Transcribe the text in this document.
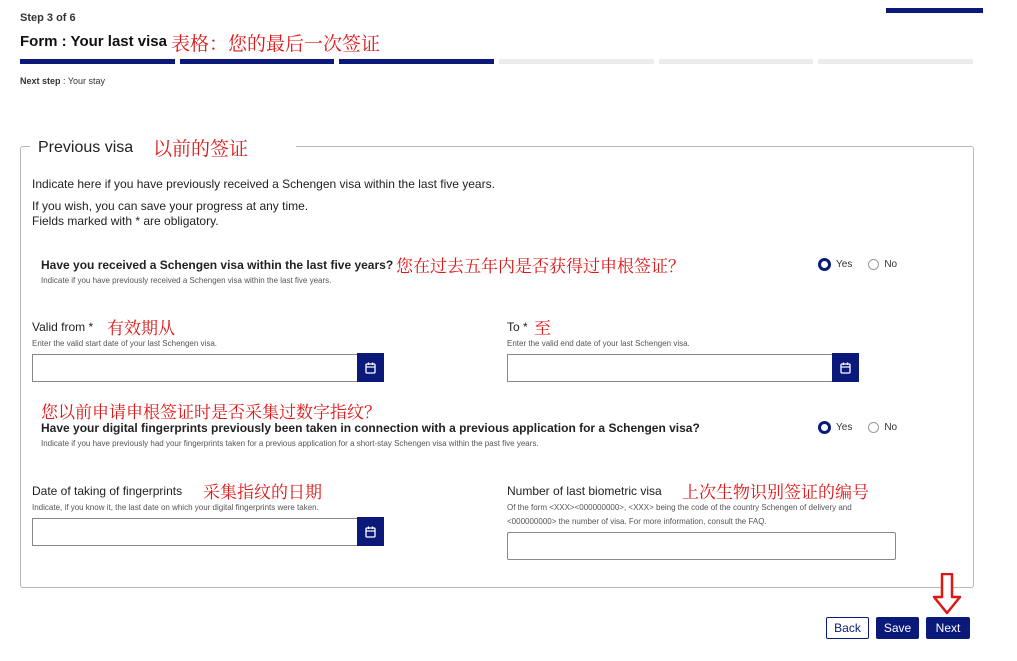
Step 3 of 6
Form : Your last visa 表格：您的最后一次签证
Next step : Your stay
Previous visa 以前的签证
Indicate here if you have previously received a Schengen visa within the last five years.
If you wish, you can save your progress at any time.
Fields marked with * are obligatory.
Have you received a Schengen visa within the last five years? 您在过去五年内是否获得过申根签证？
Indicate if you have previously received a Schengen visa within the last five years.
Yes	No
Valid from * 有效期从
Enter the valid start date of your last Schengen visa.
To * 至
Enter the valid end date of your last Schengen visa.
您以前申请申根签证时是否采集过数字指纹？
Have your digital fingerprints previously been taken in connection with a previous application for a Schengen visa?
Indicate if you have previously had your fingerprints taken for a previous application for a short-stay Schengen visa within the past five years.
Yes	No
Date of taking of fingerprints 采集指纹的日期
Indicate, if you know it, the last date on which your digital fingerprints were taken.
Number of last biometric visa 上次生物识别签证的编号
Of the form <XXX><000000000>, <XXX> being the code of the country Schengen of delivery and
<000000000> the number of visa. For more information, consult the FAQ.
Back	Save	Next
